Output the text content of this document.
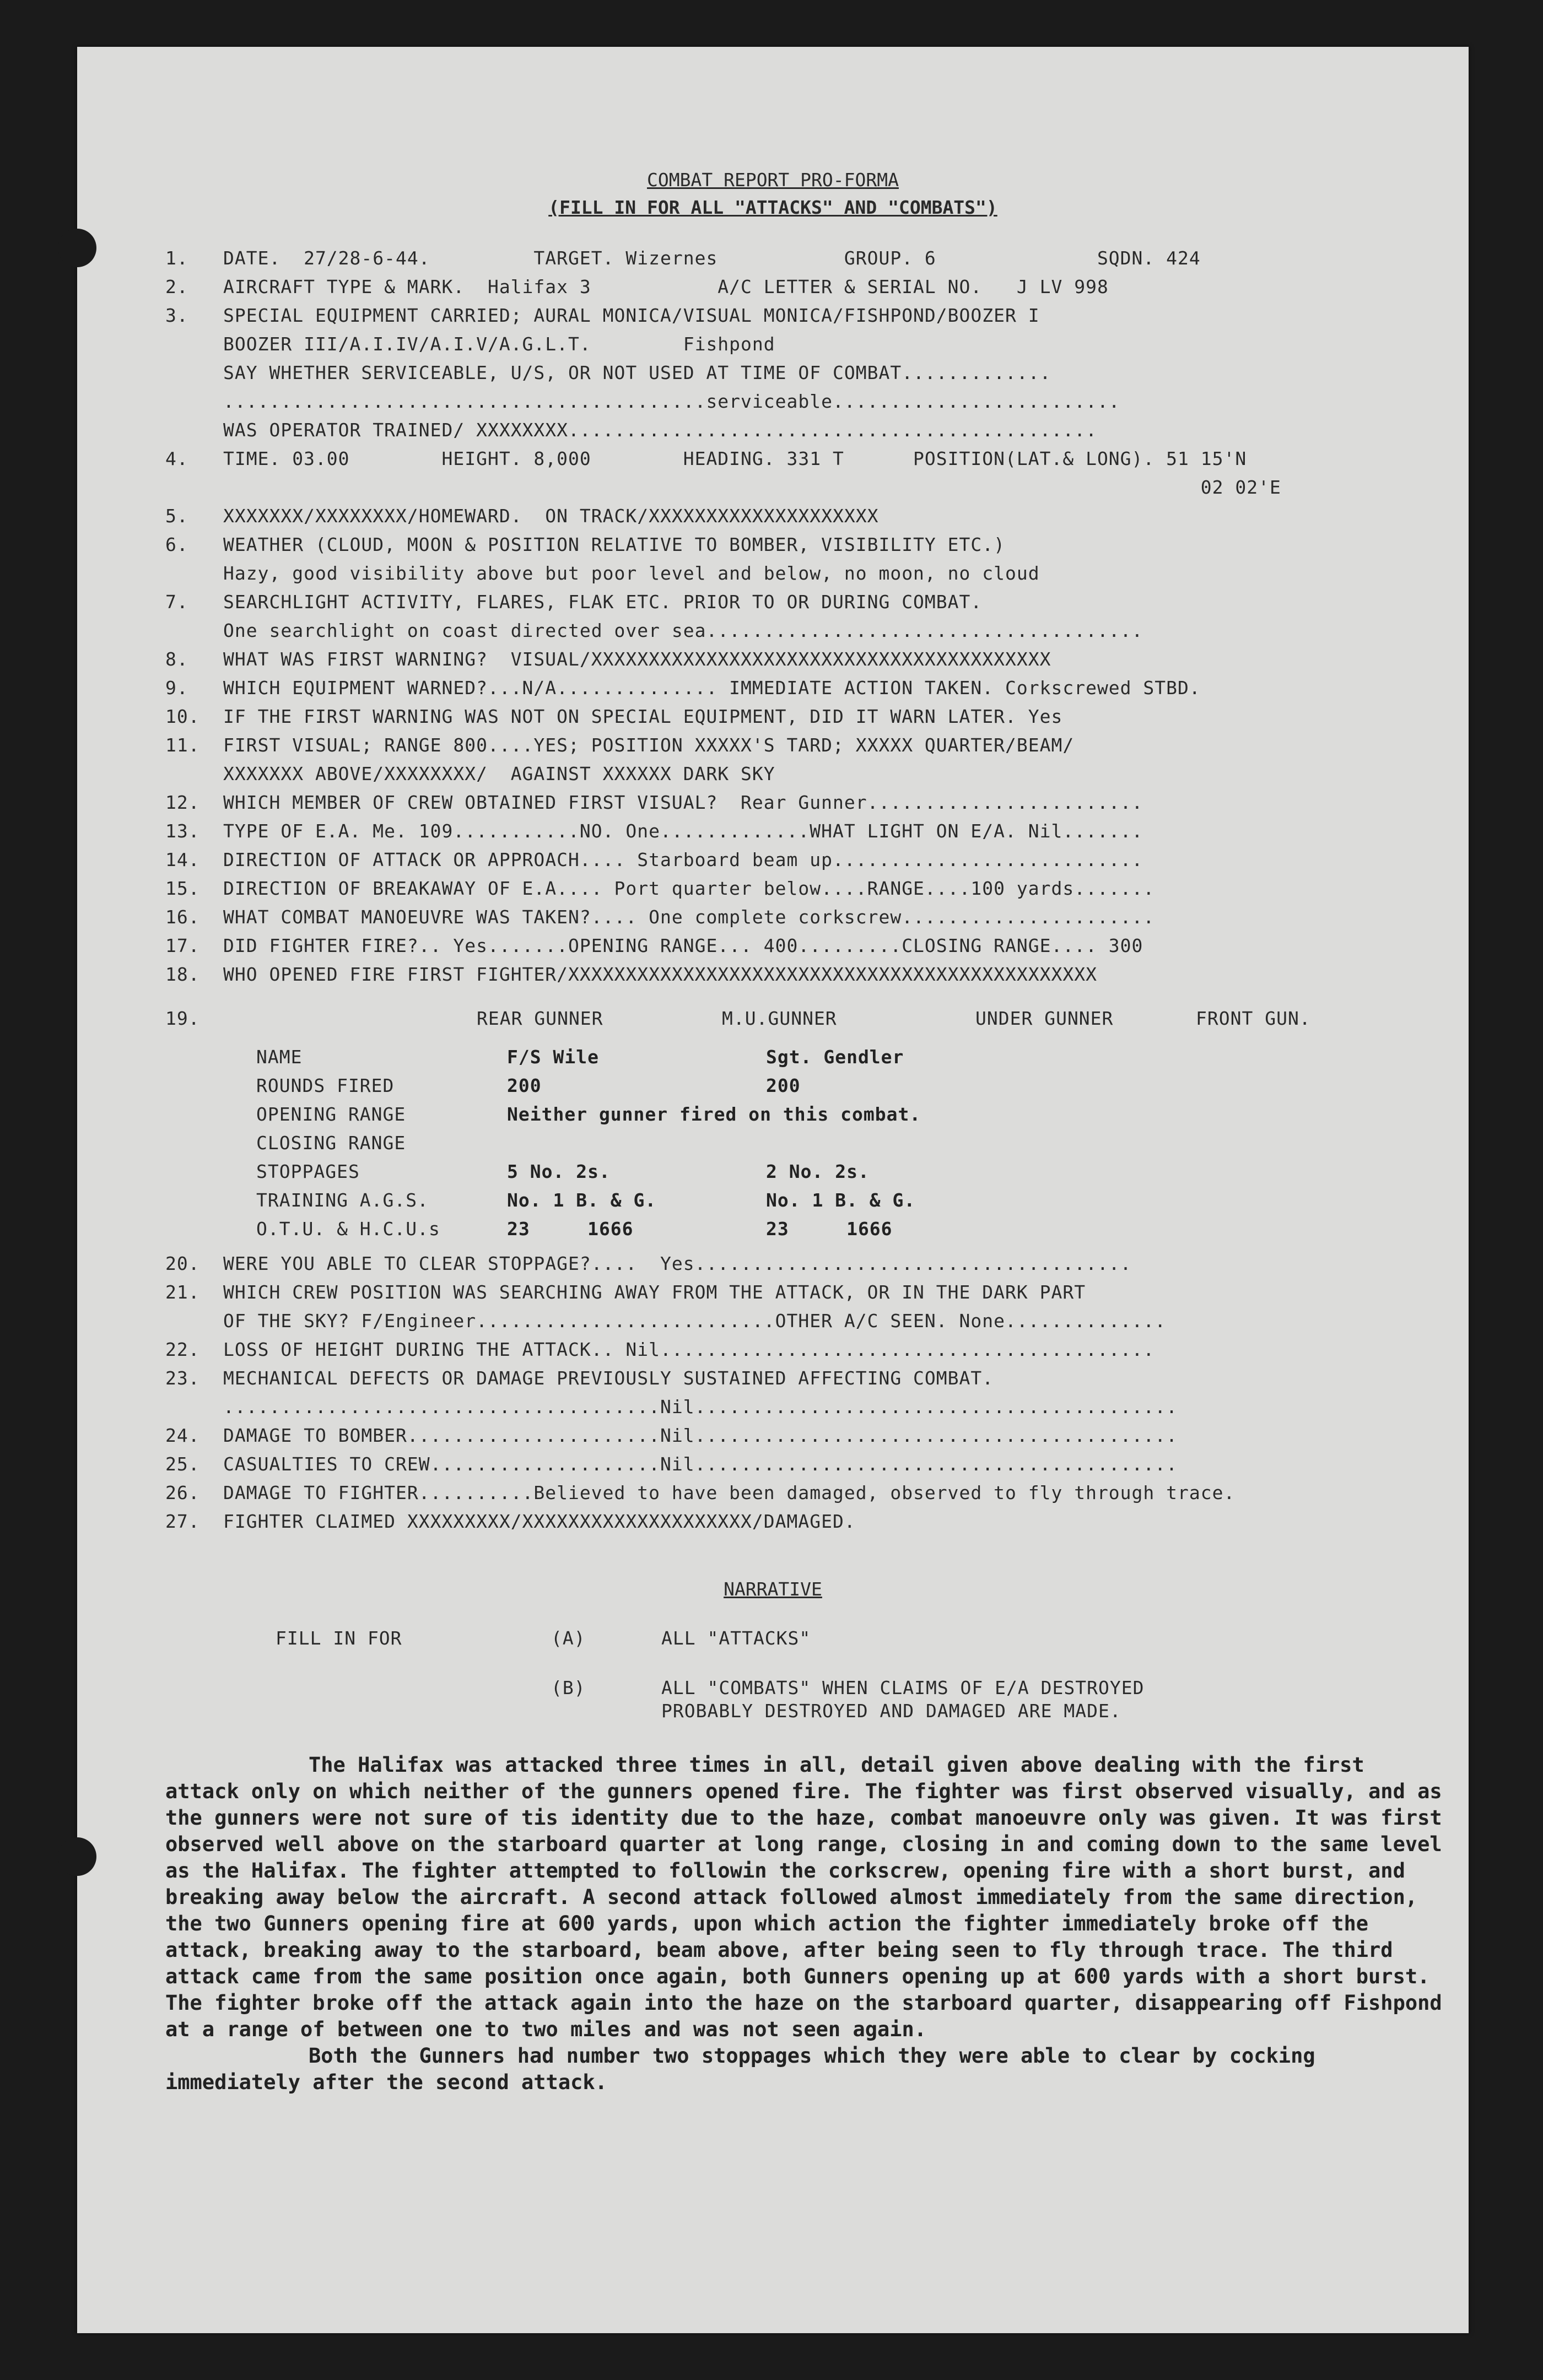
COMBAT REPORT PRO-FORMA
(FILL IN FOR ALL "ATTACKS" AND "COMBATS")
1. DATE.  27/28-6-44.         TARGET. Wizernes           GROUP. 6              SQDN. 424
2. AIRCRAFT TYPE & MARK.  Halifax 3           A/C LETTER & SERIAL NO.   J LV 998
3. SPECIAL EQUIPMENT CARRIED; AURAL MONICA/VISUAL MONICA/FISHPOND/BOOZER I
BOOZER III/A.I.IV/A.I.V/A.G.L.T.        Fishpond
SAY WHETHER SERVICEABLE, U/S, OR NOT USED AT TIME OF COMBAT.............
..........................................serviceable.........................
WAS OPERATOR TRAINED/ XXXXXXXX..............................................
4. TIME. 03.00        HEIGHT. 8,000        HEADING. 331 T      POSITION(LAT.& LONG). 51 15'N
02 02'E
5. XXXXXXX/XXXXXXXX/HOMEWARD.  ON TRACK/XXXXXXXXXXXXXXXXXXXX
6. WEATHER (CLOUD, MOON & POSITION RELATIVE TO BOMBER, VISIBILITY ETC.)
Hazy, good visibility above but poor level and below, no moon, no cloud
7. SEARCHLIGHT ACTIVITY, FLARES, FLAK ETC. PRIOR TO OR DURING COMBAT.
One searchlight on coast directed over sea......................................
8. WHAT WAS FIRST WARNING?  VISUAL/XXXXXXXXXXXXXXXXXXXXXXXXXXXXXXXXXXXXXXXX
9. WHICH EQUIPMENT WARNED?...N/A.............. IMMEDIATE ACTION TAKEN. Corkscrewed STBD.
10. IF THE FIRST WARNING WAS NOT ON SPECIAL EQUIPMENT, DID IT WARN LATER. Yes
11. FIRST VISUAL; RANGE 800....YES; POSITION XXXXX'S TARD; XXXXX QUARTER/BEAM/
XXXXXXX ABOVE/XXXXXXXX/  AGAINST XXXXXX DARK SKY
12. WHICH MEMBER OF CREW OBTAINED FIRST VISUAL?  Rear Gunner........................
13. TYPE OF E.A. Me. 109...........NO. One.............WHAT LIGHT ON E/A. Nil.......
14. DIRECTION OF ATTACK OR APPROACH.... Starboard beam up...........................
15. DIRECTION OF BREAKAWAY OF E.A.... Port quarter below....RANGE....100 yards.......
16. WHAT COMBAT MANOEUVRE WAS TAKEN?.... One complete corkscrew......................
17. DID FIGHTER FIRE?.. Yes.......OPENING RANGE... 400.........CLOSING RANGE.... 300
18. WHO OPENED FIRE FIRST FIGHTER/XXXXXXXXXXXXXXXXXXXXXXXXXXXXXXXXXXXXXXXXXXXXXX
19.	REAR GUNNER	M.U.GUNNER	UNDER GUNNER	FRONT GUN.
NAME	F/S Wile	Sgt. Gendler
ROUNDS FIRED	200	200
OPENING RANGE	Neither gunner fired on this combat.
CLOSING RANGE
STOPPAGES	5 No. 2s.	2 No. 2s.
TRAINING A.G.S.	No. 1 B. & G.	No. 1 B. & G.
O.T.U. & H.C.U.s	23     1666	23     1666
20. WERE YOU ABLE TO CLEAR STOPPAGE?....  Yes......................................
21. WHICH CREW POSITION WAS SEARCHING AWAY FROM THE ATTACK, OR IN THE DARK PART
OF THE SKY? F/Engineer..........................OTHER A/C SEEN. None..............
22. LOSS OF HEIGHT DURING THE ATTACK.. Nil...........................................
23. MECHANICAL DEFECTS OR DAMAGE PREVIOUSLY SUSTAINED AFFECTING COMBAT.
......................................Nil..........................................
24. DAMAGE TO BOMBER......................Nil..........................................
25. CASUALTIES TO CREW....................Nil..........................................
26. DAMAGE TO FIGHTER..........Believed to have been damaged, observed to fly through trace.
27. FIGHTER CLAIMED XXXXXXXXX/XXXXXXXXXXXXXXXXXXXX/DAMAGED.
NARRATIVE
FILL IN FOR	(A)	ALL "ATTACKS"
(B)	ALL "COMBATS" WHEN CLAIMS OF E/A DESTROYED
PROBABLY DESTROYED AND DAMAGED ARE MADE.

The Halifax was attacked three times in all, detail given above dealing with the first attack only on which neither of the gunners opened fire. The fighter was first observed visually, and as the gunners were not sure of tis identity due to the haze, combat manoeuvre only was given. It was first observed well above on the starboard quarter at long range, closing in and coming down to the same level as the Halifax. The fighter attempted to followin the corkscrew, opening fire with a short burst, and breaking away below the aircraft. A second attack followed almost immediately from the same direction, the two Gunners opening fire at 600 yards, upon which action the fighter immediately broke off the attack, breaking away to the starboard, beam above, after being seen to fly through trace. The third attack came from the same position once again, both Gunners opening up at 600 yards with a short burst. The fighter broke off the attack again into the haze on the starboard quarter, disappearing off Fishpond at a range of between one to two miles and was not seen again.

Both the Gunners had number two stoppages which they were able to clear by cocking immediately after the second attack.
